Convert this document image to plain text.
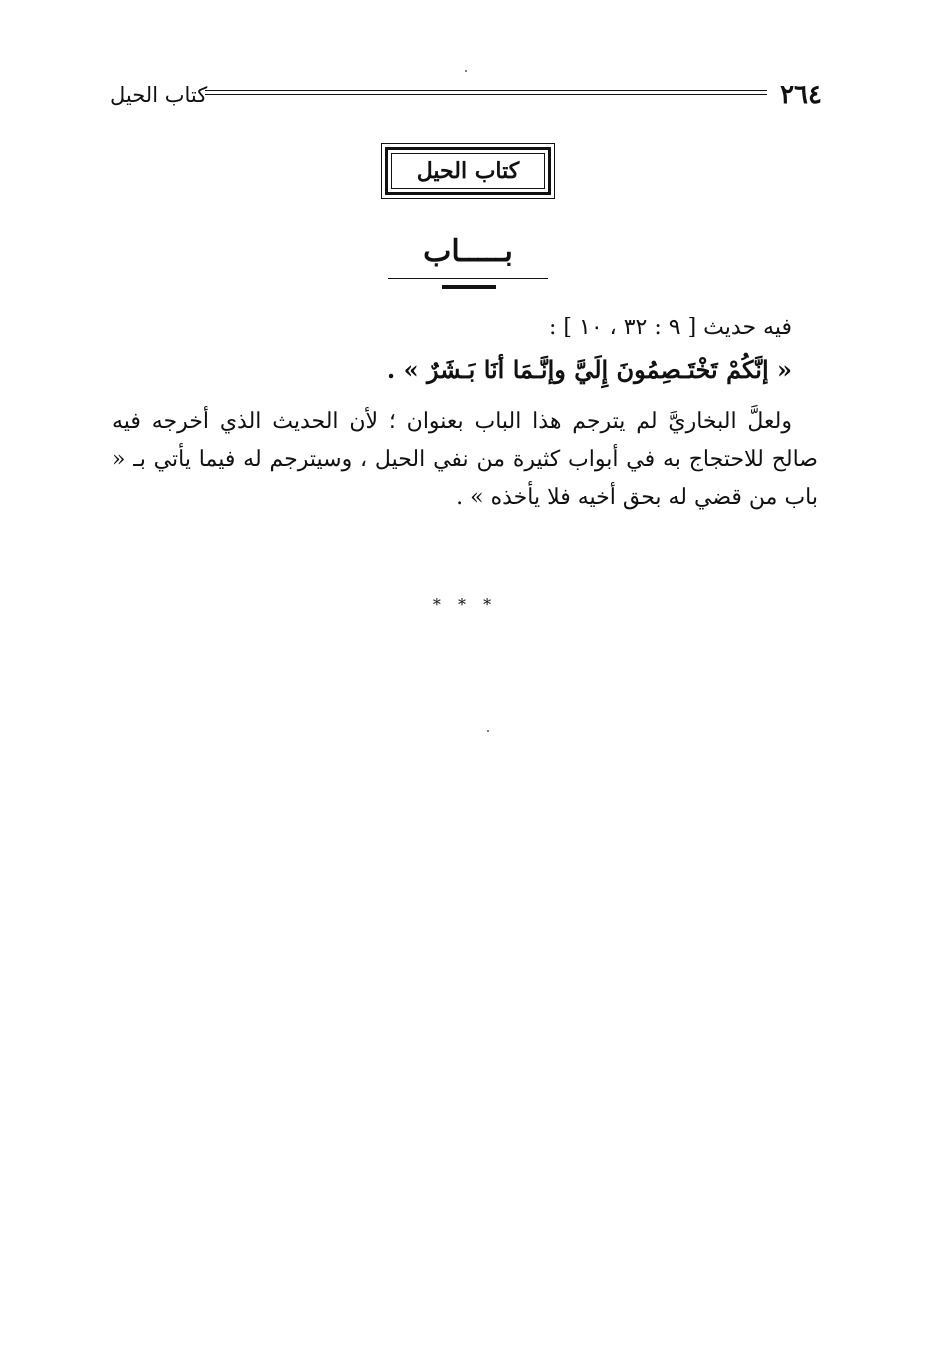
٢٦٤
كتاب الحيل
كتاب الحيل
بـــــاب
فيه حديث [ ٩ : ٣٢ ، ١٠ ] :
« إنَّكُمْ تَخْتَـصِمُونَ إِلَيَّ وإنَّـمَا أنَا بَـشَرٌ » .
ولعلَّ البخاريَّ لم يترجم هذا الباب بعنوان ؛ لأن الحديث الذي أخرجه فيه صالح للاحتجاج به في أبواب كثيرة من نفي الحيل ، وسيترجم له فيما يأتي بـ « باب من قضي له بحق أخيه فلا يأخذه » .
* * *
